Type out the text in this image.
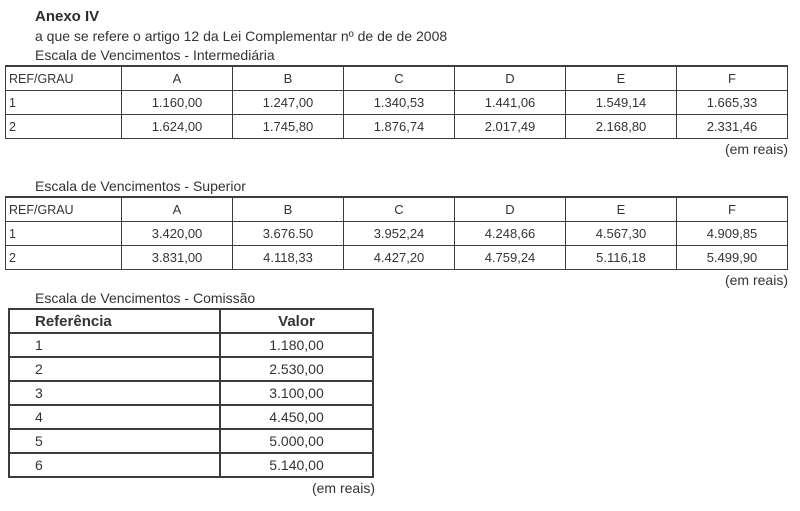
Anexo IV
a que se refere o artigo 12 da Lei Complementar nº de de de 2008
Escala de Vencimentos - Intermediária
REF/GRAU	A	B	C	D	E	F
1	1.160,00	1.247,00	1.340,53	1.441,06	1.549,14	1.665,33
2	1.624,00	1.745,80	1.876,74	2.017,49	2.168,80	2.331,46
(em reais)
Escala de Vencimentos - Superior
REF/GRAU	A	B	C	D	E	F
1	3.420,00	3.676.50	3.952,24	4.248,66	4.567,30	4.909,85
2	3.831,00	4.118,33	4.427,20	4.759,24	5.116,18	5.499,90
(em reais)
Escala de Vencimentos - Comissão
Referência	Valor
1	1.180,00
2	2.530,00
3	3.100,00
4	4.450,00
5	5.000,00
6	5.140,00
(em reais)
